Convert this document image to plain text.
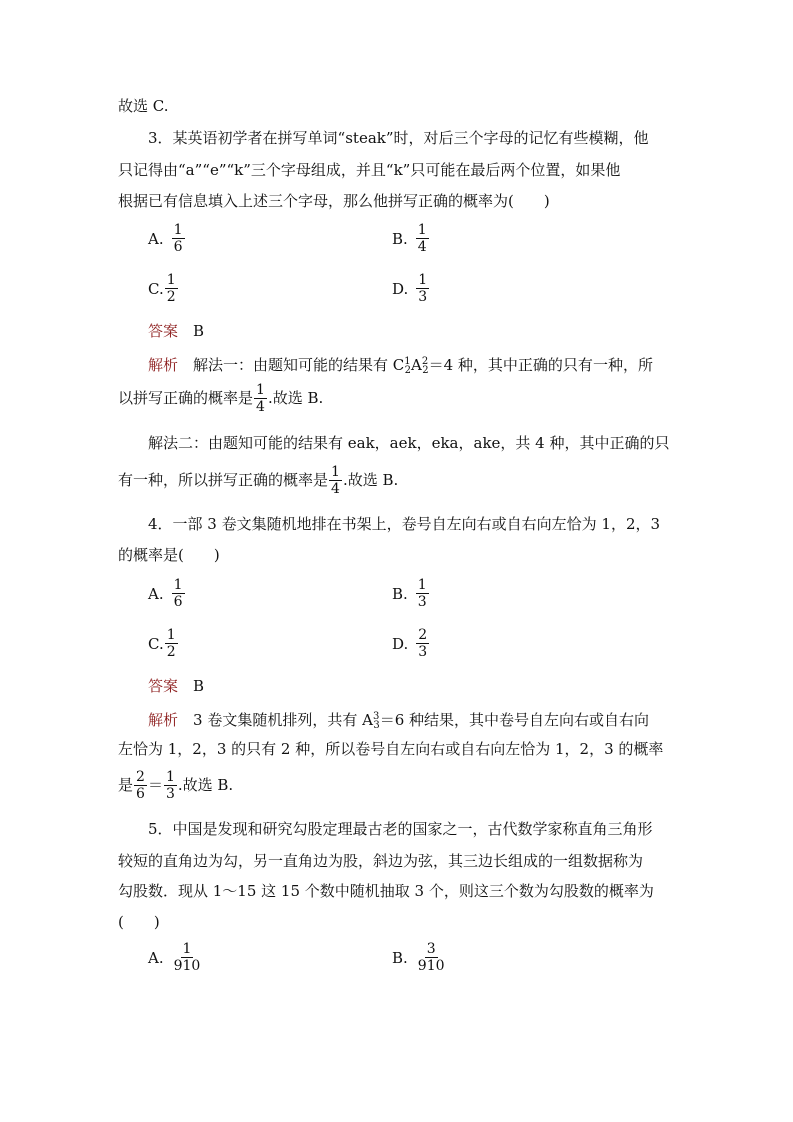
故选 C.
3．某英语初学者在拼写单词“steak”时，对后三个字母的记忆有些模糊，他
只记得由“a”“e”“k”三个字母组成，并且“k”只可能在最后两个位置，如果他
根据已有信息填入上述三个字母，那么他拼写正确的概率为(　　)
A. $\frac{1}{6}$	B. $\frac{1}{4}$
C. $\frac{1}{2}$	D. $\frac{1}{3}$
答案　 B
解析　 解法一：由题知可能的结果有 $C^1_2A^2_2=4$ 种，其中正确的只有一种，所
以拼写正确的概率是 $\frac{1}{4}$ .故选 B.
解法二：由题知可能的结果有 eak，aek，eka，ake，共 4 种，其中正确的只
有一种，所以拼写正确的概率是 $\frac{1}{4}$ .故选 B.
4．一部 3 卷文集随机地排在书架上，卷号自左向右或自右向左恰为 1，2，3
的概率是(　　)
A. $\frac{1}{6}$	B. $\frac{1}{3}$
C. $\frac{1}{2}$	D. $\frac{2}{3}$
答案　 B
解析　3 卷文集随机排列，共有 $A^3_3=6$ 种结果，其中卷号自左向右或自右向
左恰为 1，2，3 的只有 2 种，所以卷号自左向右或自右向左恰为 1，2，3 的概率
是 $\frac{2}{6} = \frac{1}{3}$ .故选 B.
5．中国是发现和研究勾股定理最古老的国家之一，古代数学家称直角三角形
较短的直角边为勾，另一直角边为股，斜边为弦，其三边长组成的一组数据称为
勾股数．现从 1～15 这 15 个数中随机抽取 3 个，则这三个数为勾股数的概率为
(　　)
A. $\frac{1}{910}$	B. $\frac{3}{910}$
